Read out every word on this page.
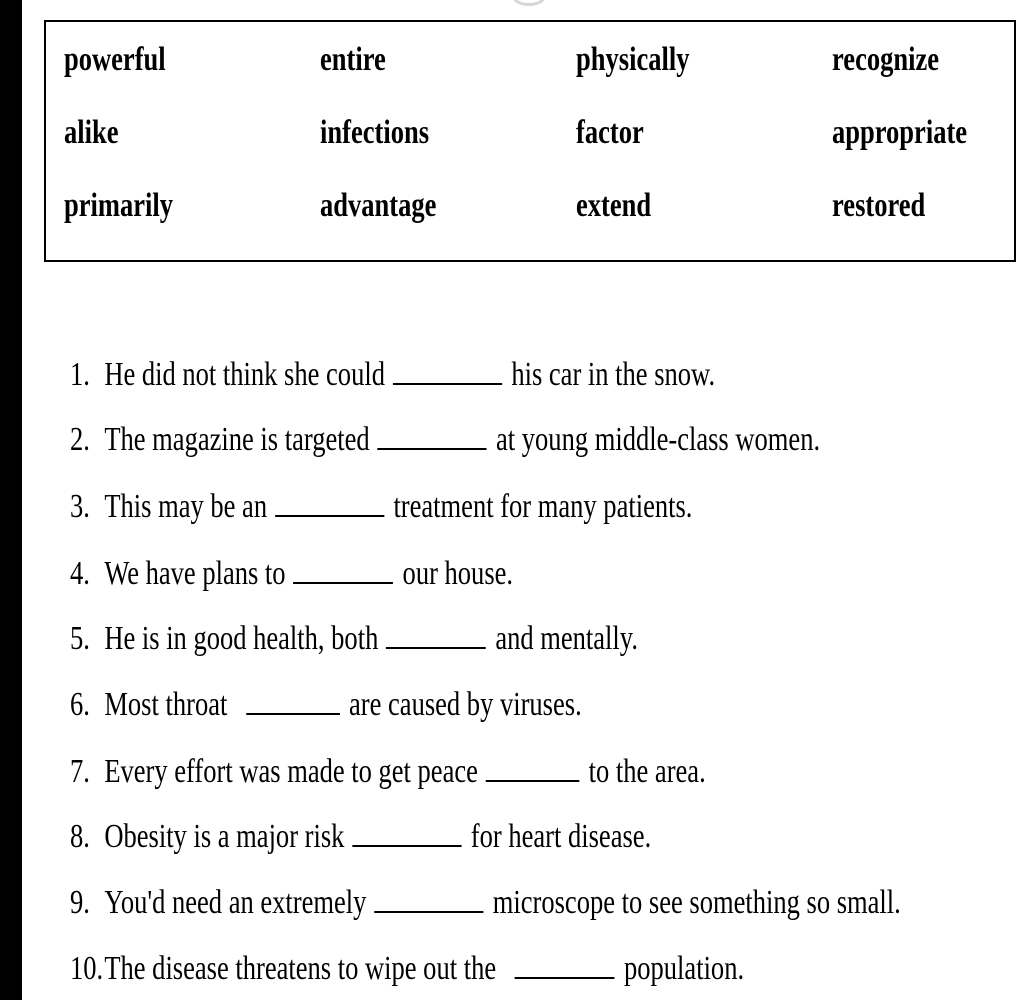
powerful	entire	physically	recognize
alike	infections	factor	appropriate
primarily	advantage	extend	restored
1. He did not think she could	his car in the snow.
2. The magazine is targeted	at young middle-class women.
3. This may be an	treatment for many patients.
4. We have plans to	our house.
5. He is in good health, both	and mentally.
6. Most throat	are caused by viruses.
7. Every effort was made to get peace	to the area.
8. Obesity is a major risk	for heart disease.
9. You'd need an extremely	microscope to see something so small.
10.The disease threatens to wipe out the	population.
